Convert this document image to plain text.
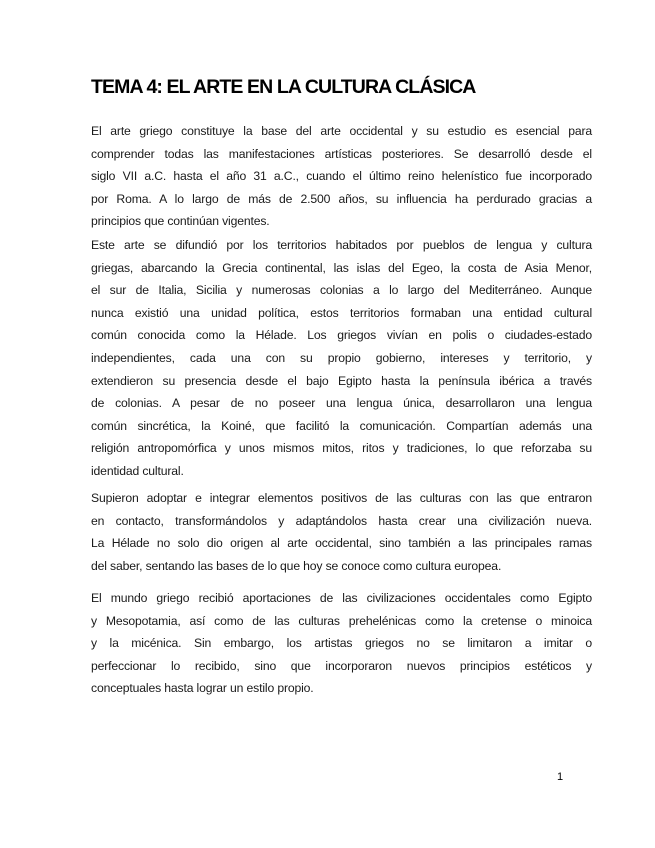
TEMA 4: EL ARTE EN LA CULTURA CLÁSICA
El arte griego constituye la base del arte occidental y su estudio es esencial para
comprender todas las manifestaciones artísticas posteriores. Se desarrolló desde el
siglo VII a.C. hasta el año 31 a.C., cuando el último reino helenístico fue incorporado
por Roma. A lo largo de más de 2.500 años, su influencia ha perdurado gracias a
principios que continúan vigentes.
Este arte se difundió por los territorios habitados por pueblos de lengua y cultura
griegas, abarcando la Grecia continental, las islas del Egeo, la costa de Asia Menor,
el sur de Italia, Sicilia y numerosas colonias a lo largo del Mediterráneo. Aunque
nunca existió una unidad política, estos territorios formaban una entidad cultural
común conocida como la Hélade. Los griegos vivían en polis o ciudades-estado
independientes, cada una con su propio gobierno, intereses y territorio, y
extendieron su presencia desde el bajo Egipto hasta la península ibérica a través
de colonias. A pesar de no poseer una lengua única, desarrollaron una lengua
común sincrética, la Koiné, que facilitó la comunicación. Compartían además una
religión antropomórfica y unos mismos mitos, ritos y tradiciones, lo que reforzaba su
identidad cultural.
Supieron adoptar e integrar elementos positivos de las culturas con las que entraron
en contacto, transformándolos y adaptándolos hasta crear una civilización nueva.
La Hélade no solo dio origen al arte occidental, sino también a las principales ramas
del saber, sentando las bases de lo que hoy se conoce como cultura europea.
El mundo griego recibió aportaciones de las civilizaciones occidentales como Egipto
y Mesopotamia, así como de las culturas prehelénicas como la cretense o minoica
y la micénica. Sin embargo, los artistas griegos no se limitaron a imitar o
perfeccionar lo recibido, sino que incorporaron nuevos principios estéticos y
conceptuales hasta lograr un estilo propio.
1
